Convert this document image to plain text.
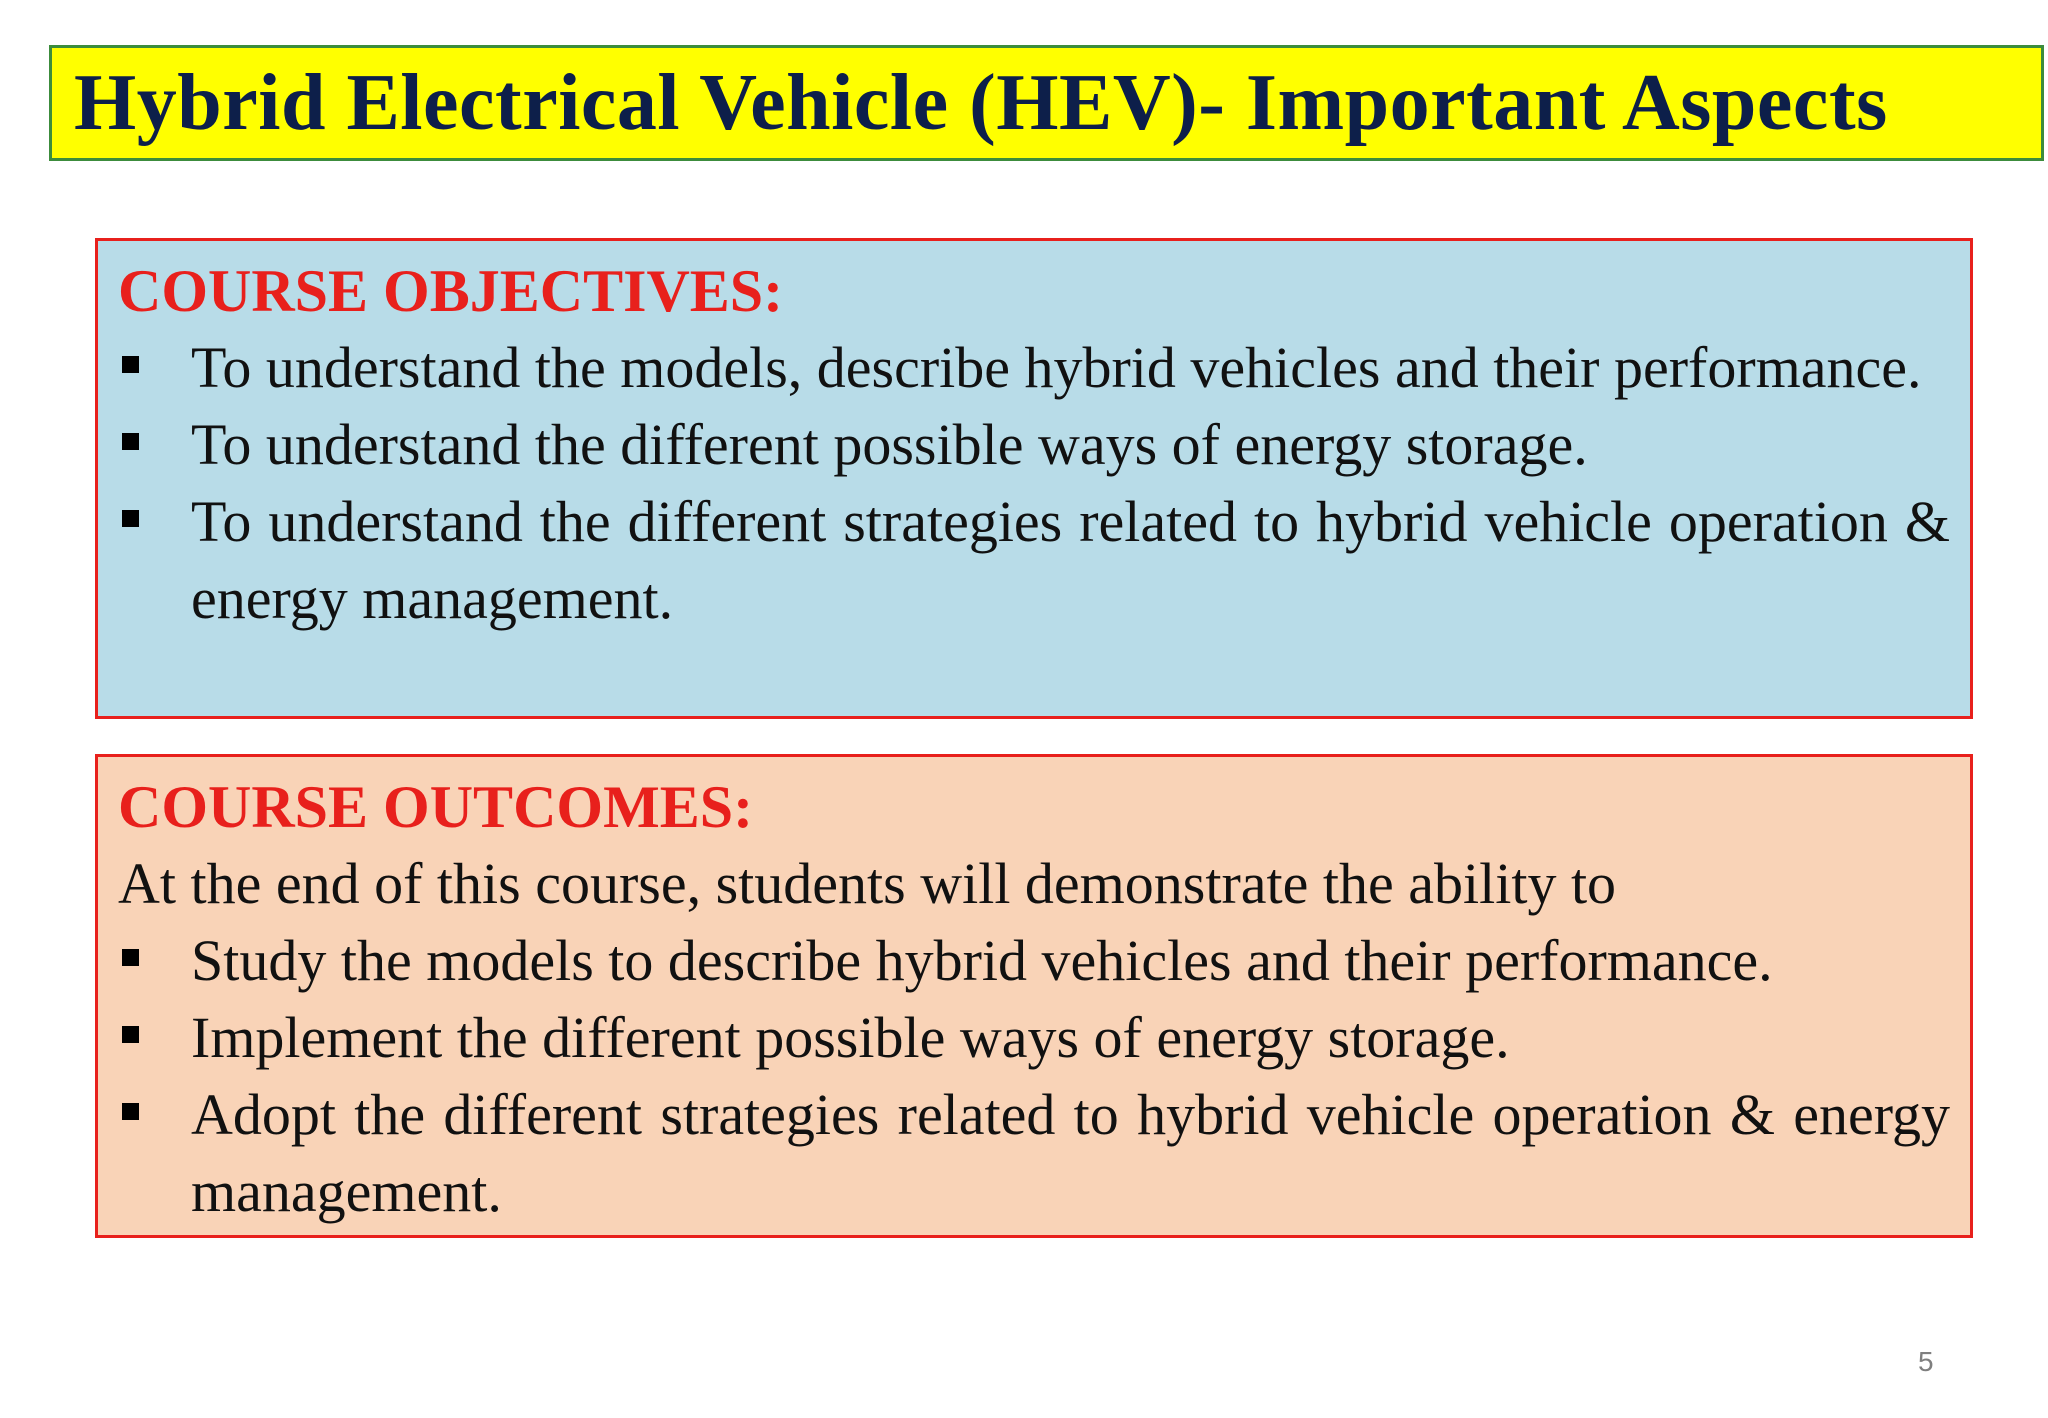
Hybrid Electrical Vehicle (HEV)- Important Aspects
COURSE OBJECTIVES:
To understand the models, describe hybrid vehicles and their performance.
To understand the different possible ways of energy storage.
To understand the different strategies related to hybrid vehicle operation & energy management.
COURSE OUTCOMES:

At the end of this course, students will demonstrate the ability to

Study the models to describe hybrid vehicles and their performance.
Implement the different possible ways of energy storage.
Adopt the different strategies related to hybrid vehicle operation & energy management.
5
